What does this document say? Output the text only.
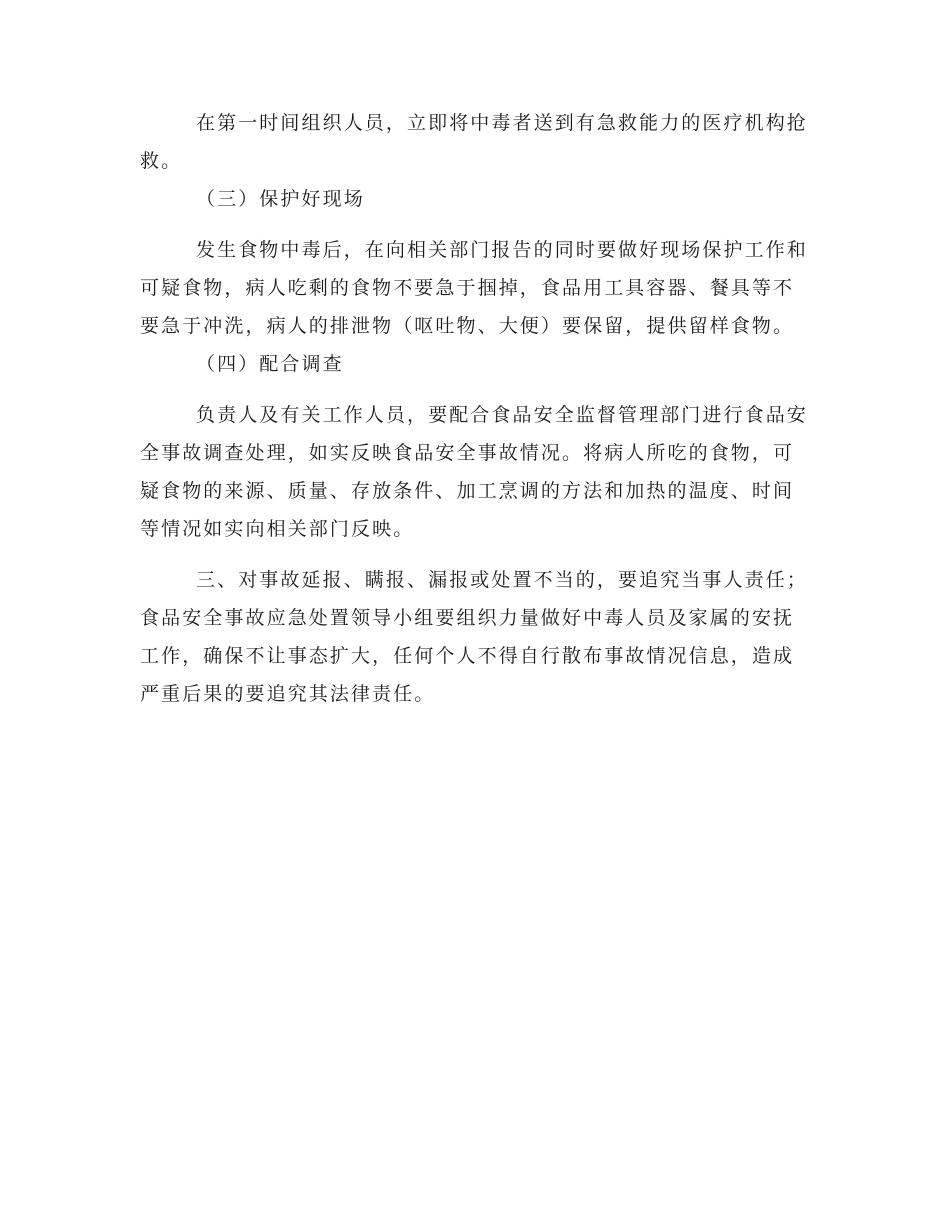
在第一时间组织人员，立即将中毒者送到有急救能力的医疗机构抢救。

（三）保护好现场

发生食物中毒后，在向相关部门报告的同时要做好现场保护工作和可疑食物，病人吃剩的食物不要急于掴掉，食品用工具容器、餐具等不要急于冲洗，病人的排泄物（呕吐物、大便）要保留，提供留样食物。

（四）配合调查

负责人及有关工作人员，要配合食品安全监督管理部门进行食品安全事故调查处理，如实反映食品安全事故情况。将病人所吃的食物，可疑食物的来源、质量、存放条件、加工烹调的方法和加热的温度、时间等情况如实向相关部门反映。

三、对事故延报、瞒报、漏报或处置不当的，要追究当事人责任；食品安全事故应急处置领导小组要组织力量做好中毒人员及家属的安抚工作，确保不让事态扩大，任何个人不得自行散布事故情况信息，造成严重后果的要追究其法律责任。
